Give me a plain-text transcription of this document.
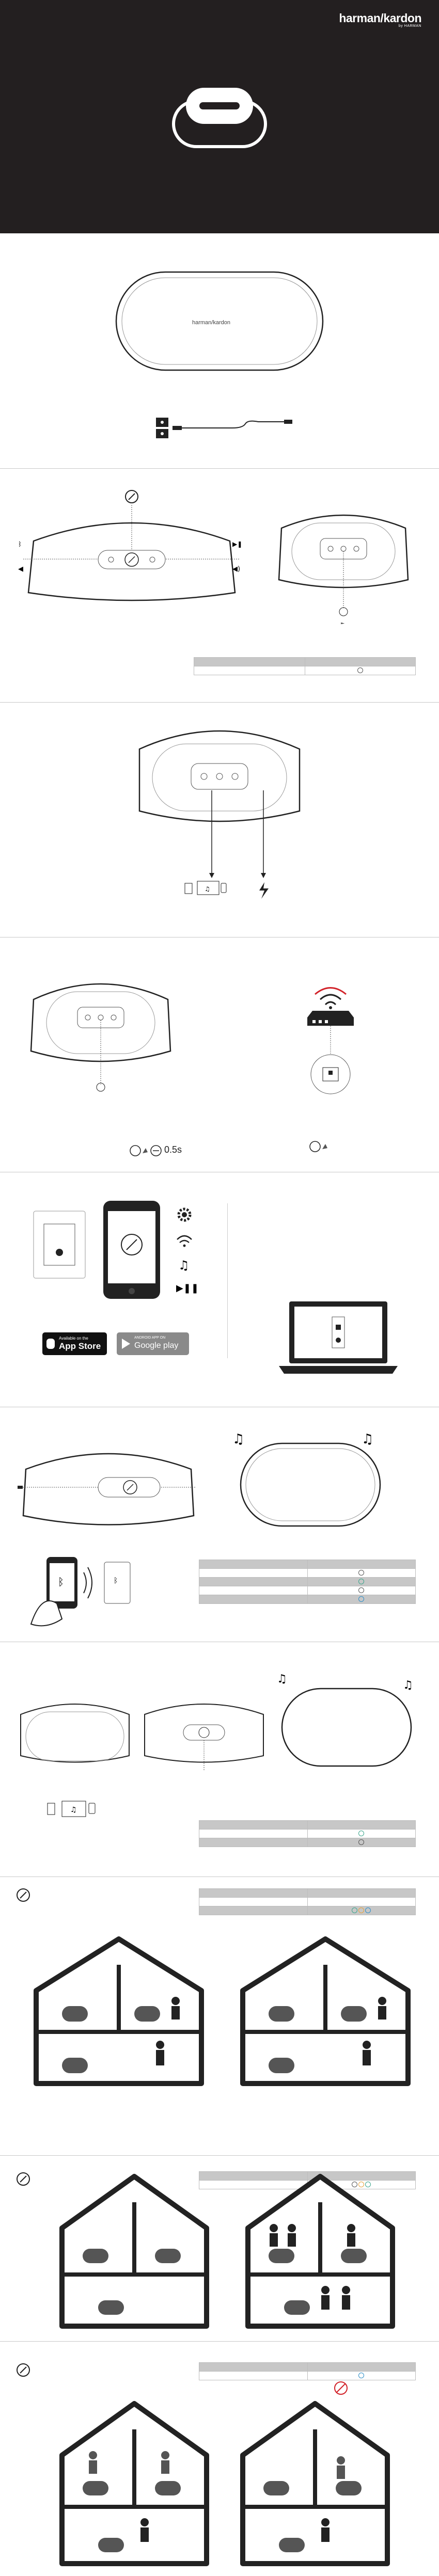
harman/kardon
by HARMAN
harman/kardon
ᛒ	▶❚
◀	◀)
⇤

♫
0.5s
♫
▶❚❚
Available on the
App Store
ANDROID APP ON
Google play
♫	♫
ᛒ	ᛒ

♫	♫
♫
